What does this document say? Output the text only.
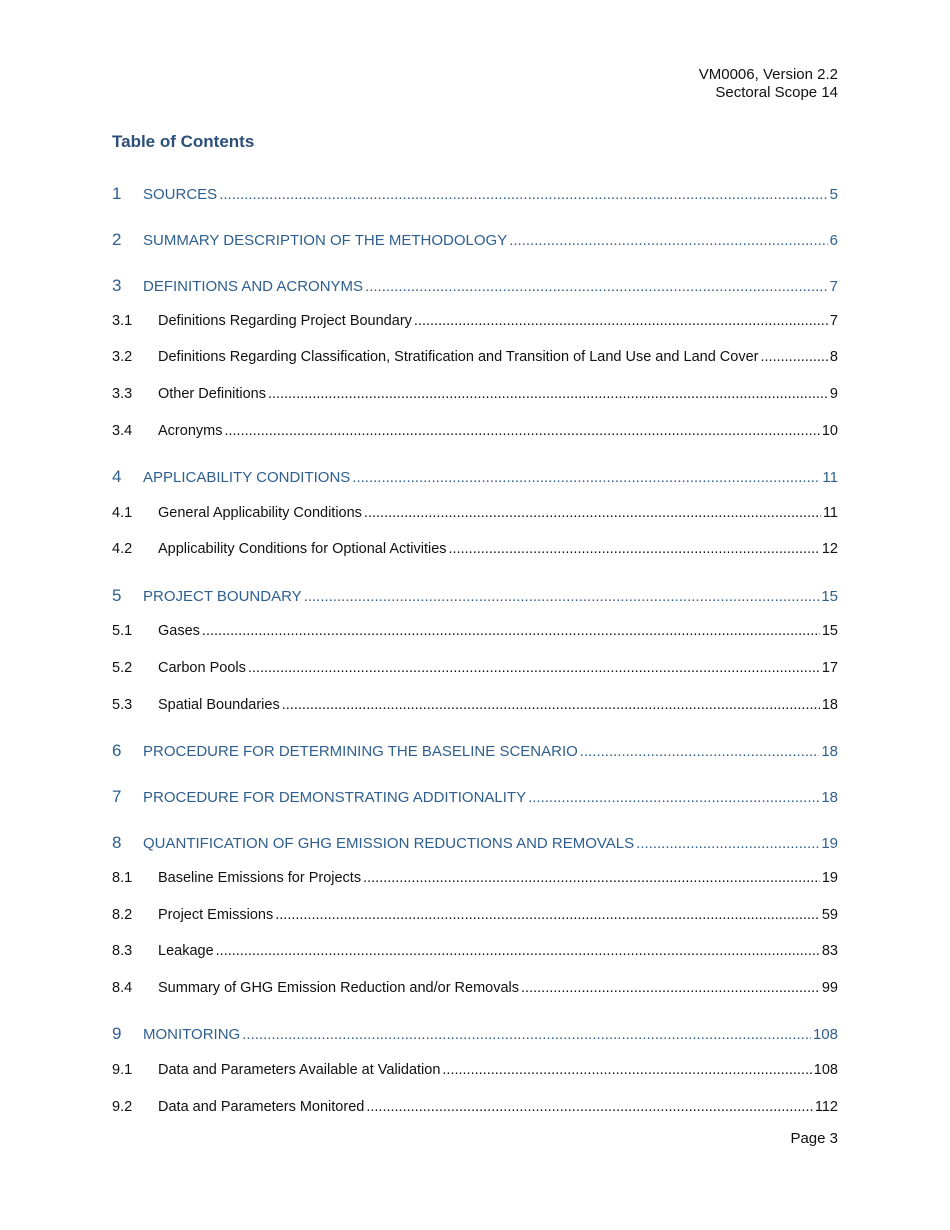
VM0006, Version 2.2
Sectoral Scope 14
Table of Contents
1	SOURCES .....	5
2	SUMMARY DESCRIPTION OF THE METHODOLOGY .....	6
3	DEFINITIONS AND ACRONYMS .....	7
3.1	Definitions Regarding Project Boundary .....	7
3.2	Definitions Regarding Classification, Stratification and Transition of Land Use and Land Cover .....	8
3.3	Other Definitions .....	9
3.4	Acronyms .....	10
4	APPLICABILITY CONDITIONS .....	11
4.1	General Applicability Conditions .....	11
4.2	Applicability Conditions for Optional Activities .....	12
5	PROJECT BOUNDARY .....	15
5.1	Gases .....	15
5.2	Carbon Pools .....	17
5.3	Spatial Boundaries .....	18
6	PROCEDURE FOR DETERMINING THE BASELINE SCENARIO .....	18
7	PROCEDURE FOR DEMONSTRATING ADDITIONALITY .....	18
8	QUANTIFICATION OF GHG EMISSION REDUCTIONS AND REMOVALS .....	19
8.1	Baseline Emissions for Projects .....	19
8.2	Project Emissions .....	59
8.3	Leakage .....	83
8.4	Summary of GHG Emission Reduction and/or Removals .....	99
9	MONITORING .....	108
9.1	Data and Parameters Available at Validation .....	108
9.2	Data and Parameters Monitored .....	112
Page 3
